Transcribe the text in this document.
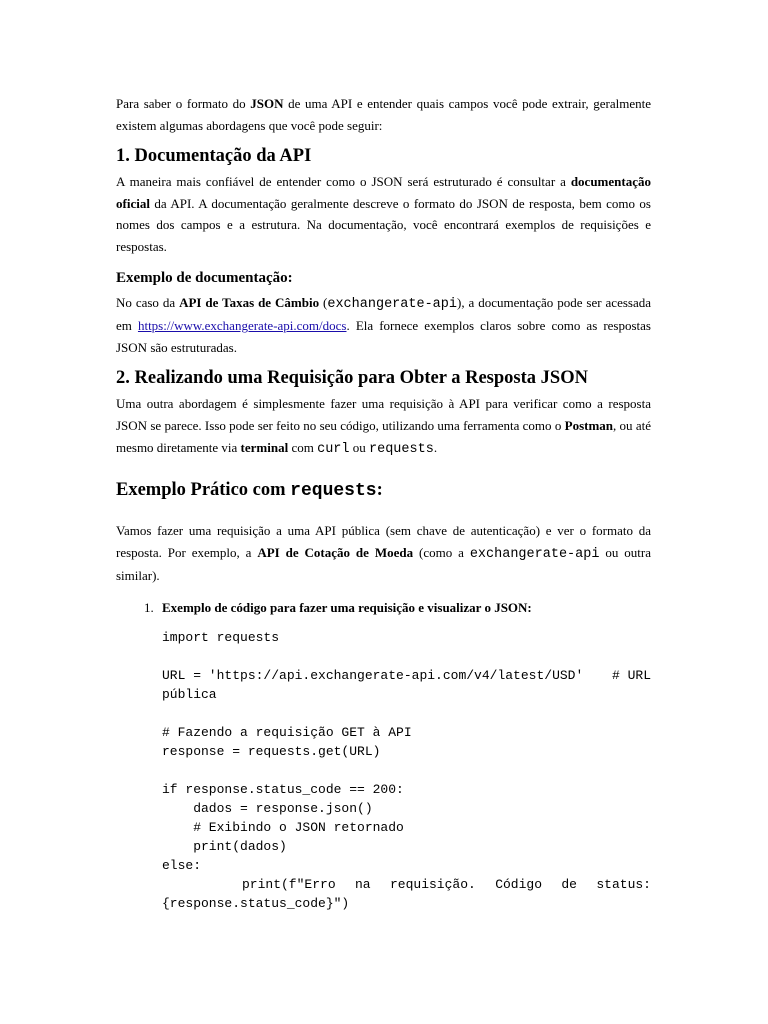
Para saber o formato do JSON de uma API e entender quais campos você pode extrair, geralmente existem algumas abordagens que você pode seguir:

1. Documentação da API

A maneira mais confiável de entender como o JSON será estruturado é consultar a documentação oficial da API. A documentação geralmente descreve o formato do JSON de resposta, bem como os nomes dos campos e a estrutura. Na documentação, você encontrará exemplos de requisições e respostas.

Exemplo de documentação:

No caso da API de Taxas de Câmbio (exchangerate-api), a documentação pode ser acessada em https://www.exchangerate-api.com/docs. Ela fornece exemplos claros sobre como as respostas JSON são estruturadas.

2. Realizando uma Requisição para Obter a Resposta JSON

Uma outra abordagem é simplesmente fazer uma requisição à API para verificar como a resposta JSON se parece. Isso pode ser feito no seu código, utilizando uma ferramenta como o Postman, ou até mesmo diretamente via terminal com curl ou requests.

Exemplo Prático com requests:

Vamos fazer uma requisição a uma API pública (sem chave de autenticação) e ver o formato da resposta. Por exemplo, a API de Cotação de Moeda (como a exchangerate-api ou outra similar).

1. Exemplo de código para fazer uma requisição e visualizar o JSON:
import requests
URL = 'https://api.exchangerate-api.com/v4/latest/USD' # URL
pública
# Fazendo a requisição GET à API
response = requests.get(URL)
if response.status_code == 200:
dados = response.json()
# Exibindo o JSON retornado
print(dados)
else:
print(f"Erro na requisição. Código de status:
{response.status_code}")
